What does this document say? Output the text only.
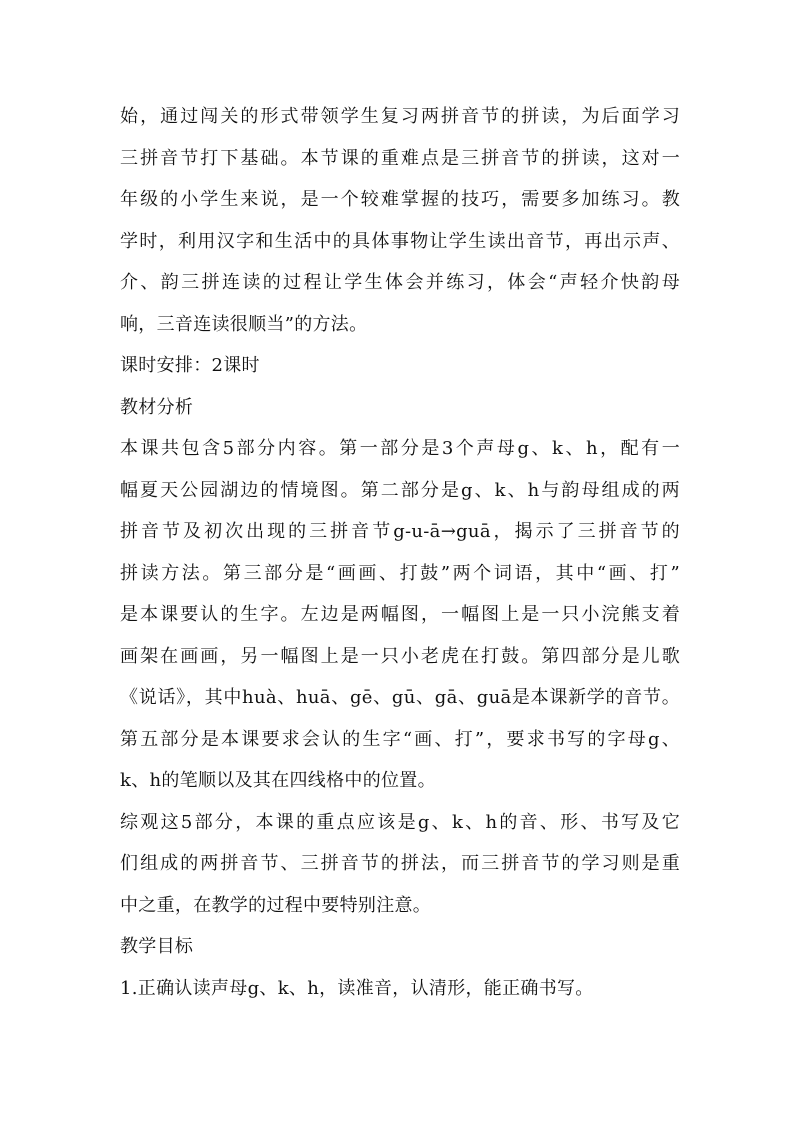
始，通过闯关的形式带领学生复习两拼音节的拼读，为后面学习
三拼音节打下基础。本节课的重难点是三拼音节的拼读，这对一
年级的小学生来说，是一个较难掌握的技巧，需要多加练习。教
学时，利用汉字和生活中的具体事物让学生读出音节，再出示声、
介、韵三拼连读的过程让学生体会并练习，体会“声轻介快韵母
响，三音连读很顺当”的方法。
课时安排：2课时
教材分析
本课共包含5部分内容。第一部分是3个声母g、k、h，配有一
幅夏天公园湖边的情境图。第二部分是g、k、h与韵母组成的两
拼音节及初次出现的三拼音节g-u-ā→guā，揭示了三拼音节的
拼读方法。第三部分是“画画、打鼓”两个词语，其中“画、打”
是本课要认的生字。左边是两幅图，一幅图上是一只小浣熊支着
画架在画画，另一幅图上是一只小老虎在打鼓。第四部分是儿歌
《说话》，其中huà、huā、gē、gū、gā、guā是本课新学的音节。
第五部分是本课要求会认的生字“画、打”，要求书写的字母g、
k、h的笔顺以及其在四线格中的位置。
综观这5部分，本课的重点应该是g、k、h的音、形、书写及它
们组成的两拼音节、三拼音节的拼法，而三拼音节的学习则是重
中之重，在教学的过程中要特别注意。
教学目标
1.正确认读声母g、k、h，读准音，认清形，能正确书写。
